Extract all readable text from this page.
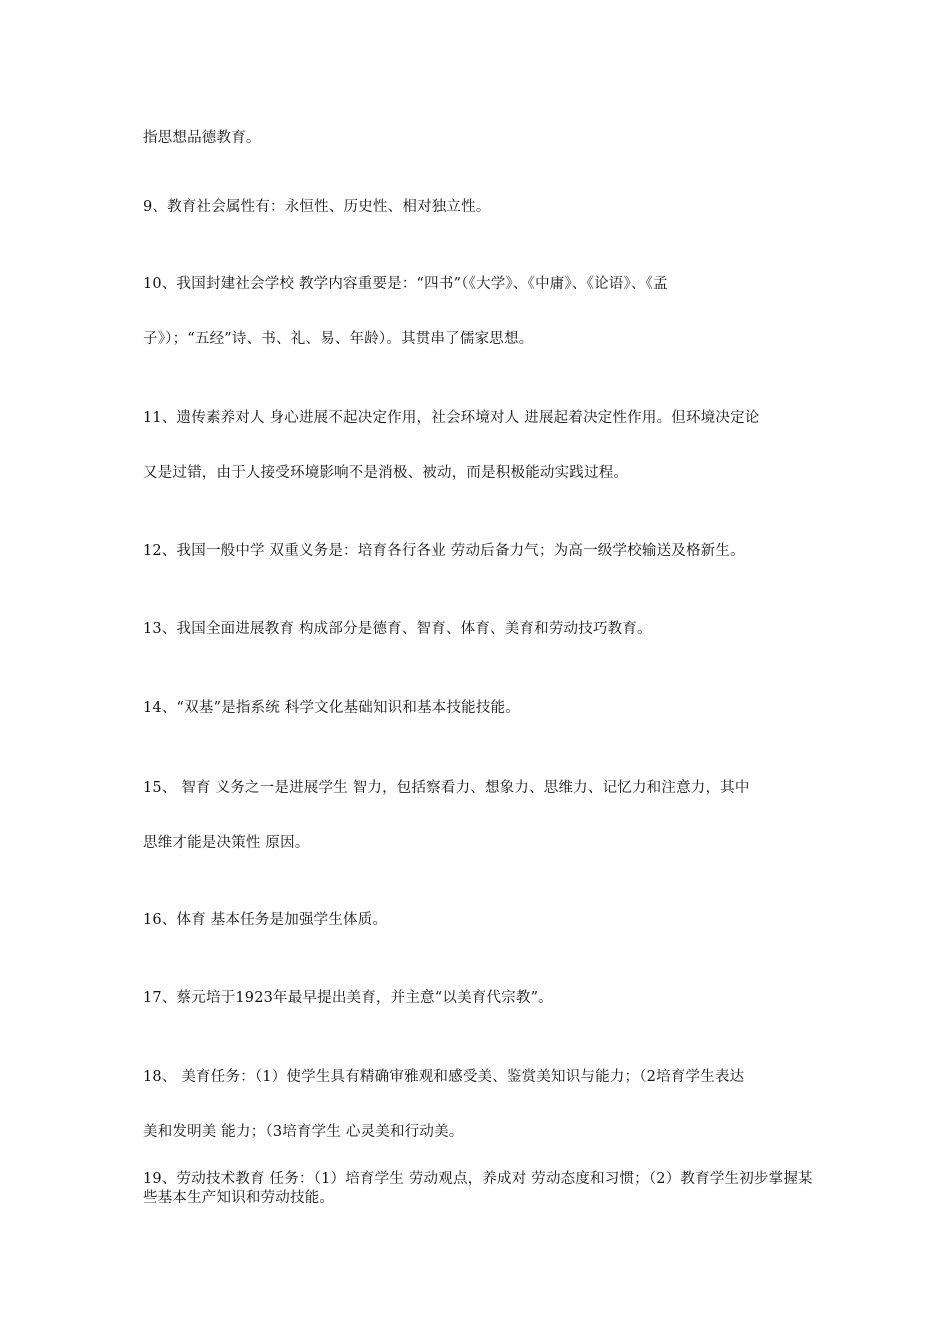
指思想品德教育。
9、教育社会属性有：永恒性、历史性、相对独立性。
10、我国封建社会学校 教学内容重要是：“四书”（《大学》、《中庸》、《论语》、《孟
子》）；“五经”诗、书、礼、易、年龄）。其贯串了儒家思想。
11、遗传素养对人 身心进展不起决定作用，社会环境对人 进展起着决定性作用。但环境决定论
又是过错，由于人接受环境影响不是消极、被动，而是积极能动实践过程。
12、我国一般中学 双重义务是：培育各行各业 劳动后备力气；为高一级学校输送及格新生。
13、我国全面进展教育 构成部分是德育、智育、体育、美育和劳动技巧教育。
14、“双基”是指系统 科学文化基础知识和基本技能技能。
15、 智育 义务之一是进展学生 智力，包括察看力、想象力、思维力、记忆力和注意力，其中
思维才能是决策性 原因。
16、体育 基本任务是加强学生体质。
17、蔡元培于1923年最早提出美育，并主意“以美育代宗教”。
18、 美育任务：（1）使学生具有精确审雅观和感受美、鉴赏美知识与能力；（2培育学生表达
美和发明美 能力；（3培育学生 心灵美和行动美。
19、劳动技术教育 任务：（1）培育学生 劳动观点，养成对 劳动态度和习惯；（2）教育学生初步掌握某些基本生产知识和劳动技能。
